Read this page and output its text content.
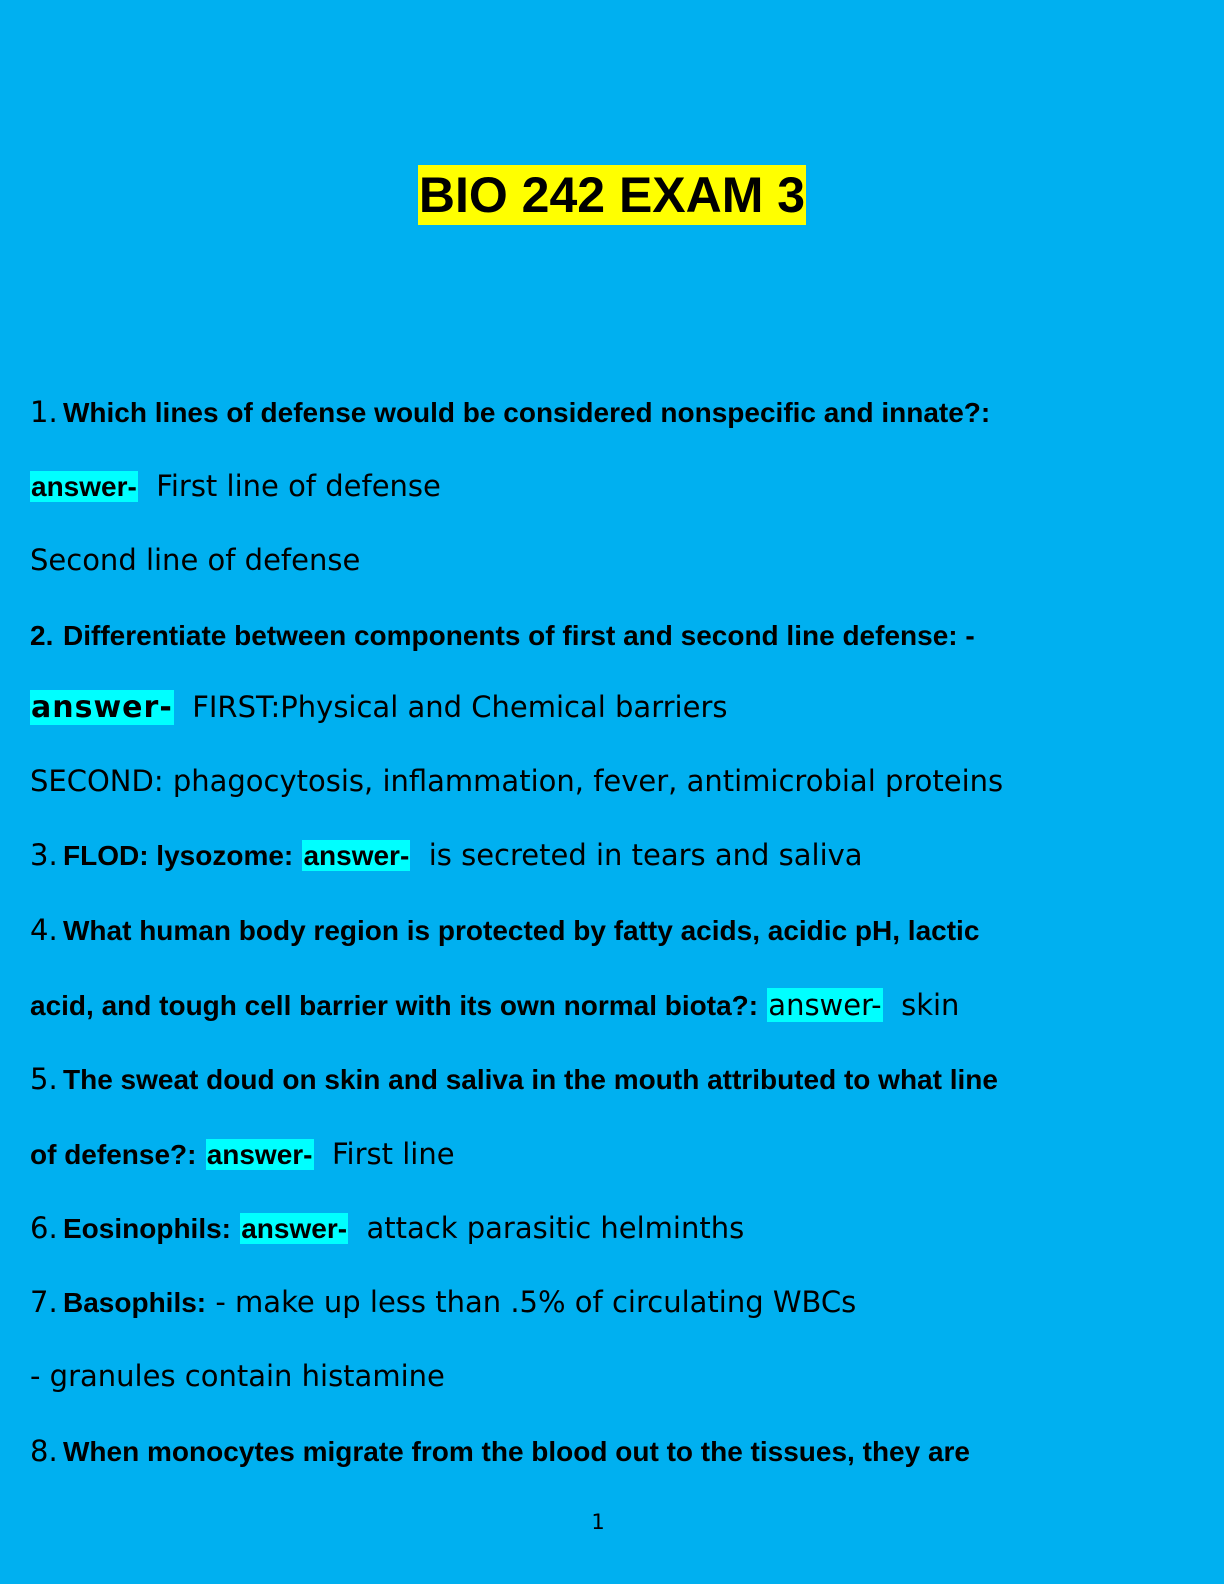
BIO 242 EXAM 3
1. Which lines of defense would be considered nonspecific and innate?:
answer- First line of defense
Second line of defense
2. Differentiate between components of first and second line defense: -
answer- FIRST:Physical and Chemical barriers
SECOND: phagocytosis, inflammation, fever, antimicrobial proteins
3. FLOD: lysozome: answer- is secreted in tears and saliva
4. What human body region is protected by fatty acids, acidic pH, lactic
acid, and tough cell barrier with its own normal biota?: answer- skin
5. The sweat doud on skin and saliva in the mouth attributed to what line
of defense?: answer- First line
6. Eosinophils: answer- attack parasitic helminths
7. Basophils: - make up less than .5% of circulating WBCs
- granules contain histamine
8. When monocytes migrate from the blood out to the tissues, they are
1
